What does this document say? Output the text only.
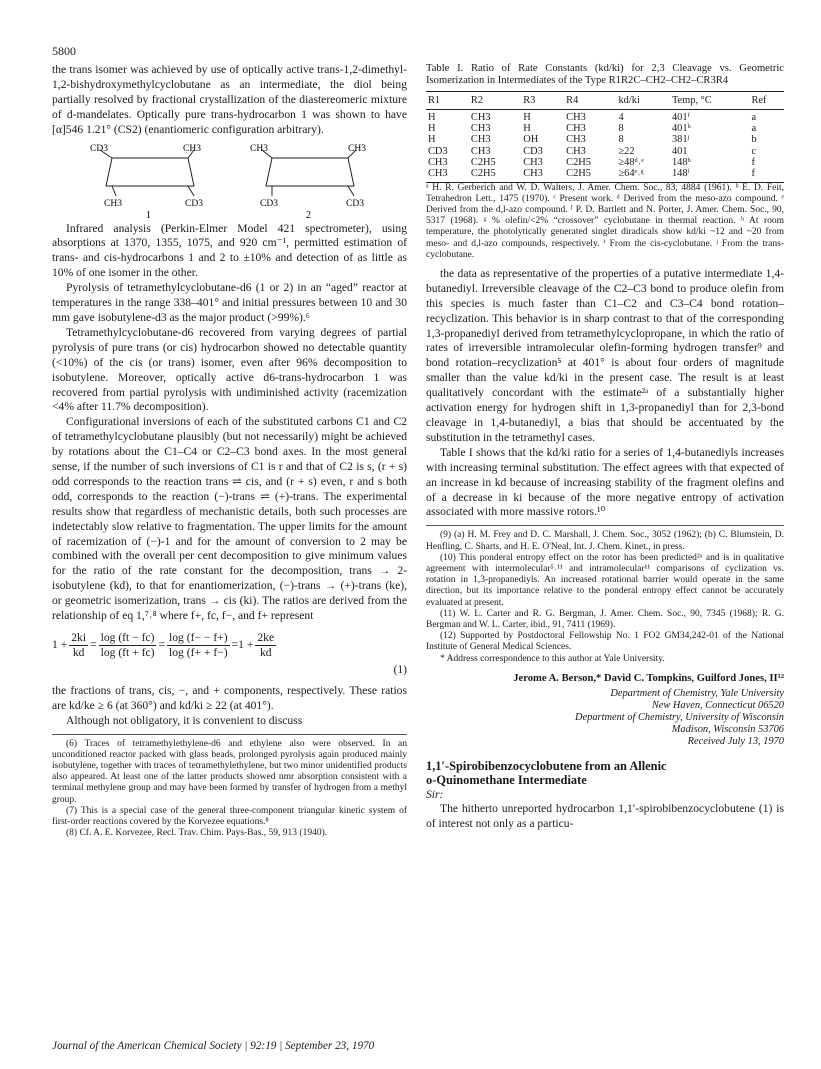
5800

the trans isomer was achieved by use of optically active trans-1,2-dimethyl-1,2-bishydroxymethylcyclobutane as an intermediate, the diol being partially resolved by fractional crystallization of the diastereomeric mixture of d-mandelates. Optically pure trans-hydrocarbon 1 was shown to have [α]546 1.21° (CS2) (enantiomeric configuration arbitrary).

CD3	CH3
CH3	CD3
1
CH3	CH3
CD3	CD3
2

Infrared analysis (Perkin-Elmer Model 421 spectrometer), using absorptions at 1370, 1355, 1075, and 920 cm⁻¹, permitted estimation of trans- and cis-hydrocarbons 1 and 2 to ±10% and detection of as little as 10% of one isomer in the other.

Pyrolysis of tetramethylcyclobutane-d6 (1 or 2) in an “aged” reactor at temperatures in the range 338–401° and initial pressures between 10 and 30 mm gave isobutylene-d3 as the major product (>99%).⁶

Tetramethylcyclobutane-d6 recovered from varying degrees of partial pyrolysis of pure trans (or cis) hydrocarbon showed no detectable quantity (<10%) of the cis (or trans) isomer, even after 96% decomposition to isobutylene. Moreover, optically active d6-trans-hydrocarbon 1 was recovered from partial pyrolysis with undiminished activity (racemization <4% after 11.7% decomposition).

Configurational inversions of each of the substituted carbons C1 and C2 of tetramethylcyclobutane plausibly (but not necessarily) might be achieved by rotations about the C1–C4 or C2–C3 bond axes. In the most general sense, if the number of such inversions of C1 is r and that of C2 is s, (r + s) odd corresponds to the reaction trans ⇌ cis, and (r + s) even, r and s both odd, corresponds to the reaction (−)-trans ⇌ (+)-trans. The experimental results show that regardless of mechanistic details, both such processes are indetectably slow relative to fragmentation. The upper limits for the amount of racemization of (−)-1 and for the amount of conversion to 2 may be combined with the overall per cent decomposition to give minimum values for the ratio of the rate constant for the decomposition, trans → 2-isobutylene (kd), to that for enantiomerization, (−)-trans → (+)-trans (ke), or geometric isomerization, trans → cis (ki). The ratios are derived from the relationship of eq 1,⁷˒⁸ where f+, fc, f−, and f+ represent

$1 + \frac{2ki}{kd} = \frac{\log (ft - fc)}{\log (ft + fc)} = \frac{\log (f- - f+)}{\log (f+ + f-)} = 1 + \frac{2ke}{kd}$
(1)

the fractions of trans, cis, −, and + components, respectively. These ratios are kd/ke ≥ 6 (at 360°) and kd/ki ≥ 22 (at 401°).

Although not obligatory, it is convenient to discuss

(6) Traces of tetramethylethylene-d6 and ethylene also were observed. In an unconditioned reactor packed with glass beads, prolonged pyrolysis again produced mainly isobutylene, together with traces of tetramethylethylene, but two minor unidentified products also appeared. At least one of the latter products showed nmr absorption consistent with a terminal methylene group and may have been formed by transfer of hydrogen from a methyl group.

(7) This is a special case of the general three-component triangular kinetic system of first-order reactions covered by the Korvezee equations.⁸

(8) Cf. A. E. Korvezee, Recl. Trav. Chim. Pays-Bas., 59, 913 (1940).

Table I. Ratio of Rate Constants (kd/ki) for 2,3 Cleavage vs. Geometric Isomerization in Intermediates of the Type R1R2C–CH2–CH2–CR3R4

R1	R2	R3	R4	kd/ki	Temp, °C	Ref

H	CH3	H	CH3	4	401ᶠ	a
H	CH3	H	CH3	8	401ʰ	a
H	CH3	OH	CH3	8	381ʲ	b
CD3	CH3	CD3	CH3	≥22	401	c
CH3	C2H5	CH3	C2H5	≥48ᵈ˒ᵉ	148ʰ	f
CH3	C2H5	CH3	C2H5	≥64ᵉ˒ᵍ	148ⁱ	f

ᵃ H. R. Gerberich and W. D. Walters, J. Amer. Chem. Soc., 83, 4884 (1961). ᵇ E. D. Feit, Tetrahedron Lett., 1475 (1970). ᶜ Present work. ᵈ Derived from the meso-azo compound. ᵉ Derived from the d,l-azo compound. ᶠ P. D. Bartlett and N. Porter, J. Amer. Chem. Soc., 90, 5317 (1968). ᵍ % olefin/<2% “crossover” cyclobutane in thermal reaction. ʰ At room temperature, the photolytically generated singlet diradicals show kd/ki ~12 and ~20 from meso- and d,l-azo compounds, respectively. ⁱ From the cis-cyclobutane. ʲ From the trans-cyclobutane.

the data as representative of the properties of a putative intermediate 1,4-butanediyl. Irreversible cleavage of the C2–C3 bond to produce olefin from this species is much faster than C1–C2 and C3–C4 bond rotation–recyclization. This behavior is in sharp contrast to that of the corresponding 1,3-propanediyl derived from tetramethylcyclopropane, in which the ratio of rates of irreversible intramolecular olefin-forming hydrogen transfer⁹ and bond rotation–recyclization⁵ at 401° is about four orders of magnitude smaller than the value kd/ki in the present case. The result is at least qualitatively concordant with the estimate²ᵃ of a substantially higher activation energy for hydrogen shift in 1,3-propanediyl than for 2,3-bond cleavage in 1,4-butanediyl, a bias that should be accentuated by the substitution in the tetramethyl cases.

Table I shows that the kd/ki ratio for a series of 1,4-butanediyls increases with increasing terminal substitution. The effect agrees with that expected of an increase in kd because of increasing stability of the fragment olefins and of a decrease in ki because of the more negative entropy of activation associated with more massive rotors.¹⁰

(9) (a) H. M. Frey and D. C. Marshall, J. Chem. Soc., 3052 (1962); (b) C. Blumstein, D. Henfling, C. Sharts, and H. E. O'Neal, Int. J. Chem. Kinet., in press.

(10) This ponderal entropy effect on the rotor has been predicted²ᵃ and is in qualitative agreement with intermolecular⁵˒¹¹ and intramolecular¹¹ comparisons of cyclization vs. rotation in 1,3-propanediyls. An increased rotational barrier would operate in the same direction, but its importance relative to the ponderal entropy effect cannot be accurately evaluated at present.

(11) W. L. Carter and R. G. Bergman, J. Amer. Chem. Soc., 90, 7345 (1968); R. G. Bergman and W. L. Carter, ibid., 91, 7411 (1969).

(12) Supported by Postdoctoral Fellowship No. 1 FO2 GM34,242-01 of the National Institute of General Medical Sciences.

* Address correspondence to this author at Yale University.

Jerome A. Berson,* David C. Tompkins, Guilford Jones, II¹²
Department of Chemistry, Yale University
New Haven, Connecticut 06520
Department of Chemistry, University of Wisconsin
Madison, Wisconsin 53706
Received July 13, 1970
1,1′-Spirobibenzocyclobutene from an Allenic
o-Quinomethane Intermediate

Sir:

The hitherto unreported hydrocarbon 1,1′-spirobibenzocyclobutene (1) is of interest not only as a particu-

Journal of the American Chemical Society | 92:19 | September 23, 1970
